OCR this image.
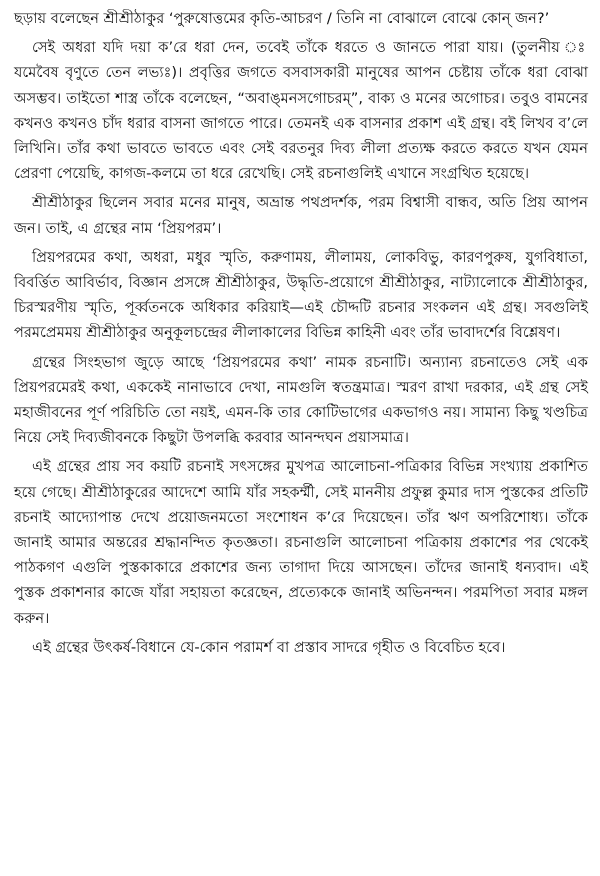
ছড়ায় বলেছেন শ্রীশ্রীঠাকুর ‘পুরুষোত্তমের কৃতি-আচরণ / তিনি না বোঝালে বোঝে কোন্ জন?’

সেই অধরা যদি দয়া ক’রে ধরা দেন, তবেই তাঁকে ধরতে ও জানতে পারা যায়। (তুলনীয় ঃ যমেবৈষ বৃণুতে তেন লভ্যঃ)। প্রবৃত্তির জগতে বসবাসকারী মানুষের আপন চেষ্টায় তাঁকে ধরা বোঝা অসম্ভব। তাইতো শাস্ত্র তাঁকে বলেছেন, “অবাঙ্‌মনসগোচরম্”, বাক্য ও মনের অগোচর। তবুও বামনের কখনও কখনও চাঁদ ধরার বাসনা জাগতে পারে। তেমনই এক বাসনার প্রকাশ এই গ্রন্থ। বই লিখব ব’লে লিখিনি। তাঁর কথা ভাবতে ভাবতে এবং সেই বরতনুর দিব্য লীলা প্রত্যক্ষ করতে করতে যখন যেমন প্রেরণা পেয়েছি, কাগজ-কলমে তা ধরে রেখেছি। সেই রচনাগুলিই এখানে সংগ্রথিত হয়েছে।

শ্রীশ্রীঠাকুর ছিলেন সবার মনের মানুষ, অভ্রান্ত পথপ্রদর্শক, পরম বিশ্বাসী বান্ধব, অতি প্রিয় আপন জন। তাই, এ গ্রন্থের নাম ‘প্রিয়পরম’।

প্রিয়পরমের কথা, অধরা, মধুর স্মৃতি, করুণাময়, লীলাময়, লোকবিভু, কারণপুরুষ, যুগবিধাতা, বিবর্ত্তিত আবির্ভাব, বিজ্ঞান প্রসঙ্গে শ্রীশ্রীঠাকুর, উদ্ধৃতি-প্রয়োগে শ্রীশ্রীঠাকুর, নাট্যালোকে শ্রীশ্রীঠাকুর, চিরস্মরণীয় স্মৃতি, পূর্ব্বতনকে অধিকার করিয়াই—এই চৌদ্দটি রচনার সংকলন এই গ্রন্থ। সবগুলিই পরমপ্রেমময় শ্রীশ্রীঠাকুর অনুকূলচন্দ্রের লীলাকালের বিভিন্ন কাহিনী এবং তাঁর ভাবাদর্শের বিশ্লেষণ।

গ্রন্থের সিংহভাগ জুড়ে আছে ‘প্রিয়পরমের কথা’ নামক রচনাটি। অন্যান্য রচনাতেও সেই এক প্রিয়পরমেরই কথা, এককেই নানাভাবে দেখা, নামগুলি স্বতন্ত্রমাত্র। স্মরণ রাখা দরকার, এই গ্রন্থ সেই মহাজীবনের পূর্ণ পরিচিতি তো নয়ই, এমন-কি তার কোটিভাগের একভাগও নয়। সামান্য কিছু খণ্ডচিত্র নিয়ে সেই দিব্যজীবনকে কিছুটা উপলব্ধি করবার আনন্দঘন প্রয়াসমাত্র।

এই গ্রন্থের প্রায় সব কয়টি রচনাই সৎসঙ্গের মুখপত্র আলোচনা-পত্রিকার বিভিন্ন সংখ্যায় প্রকাশিত হয়ে গেছে। শ্রীশ্রীঠাকুরের আদেশে আমি যাঁর সহকর্ম্মী, সেই মাননীয় প্রফুল্ল কুমার দাস পুস্তকের প্রতিটি রচনাই আদ্যোপান্ত দেখে প্রয়োজনমতো সংশোধন ক’রে দিয়েছেন। তাঁর ঋণ অপরিশোধ্য। তাঁকে জানাই আমার অন্তরের শ্রদ্ধানন্দিত কৃতজ্ঞতা। রচনাগুলি আলোচনা পত্রিকায় প্রকাশের পর থেকেই পাঠকগণ এগুলি পুস্তকাকারে প্রকাশের জন্য তাগাদা দিয়ে আসছেন। তাঁদের জানাই ধন্যবাদ। এই পুস্তক প্রকাশনার কাজে যাঁরা সহায়তা করেছেন, প্রত্যেককে জানাই অভিনন্দন। পরমপিতা সবার মঙ্গল করুন।

এই গ্রন্থের উৎকর্ষ-বিধানে যে-কোন পরামর্শ বা প্রস্তাব সাদরে গৃহীত ও বিবেচিত হবে।
